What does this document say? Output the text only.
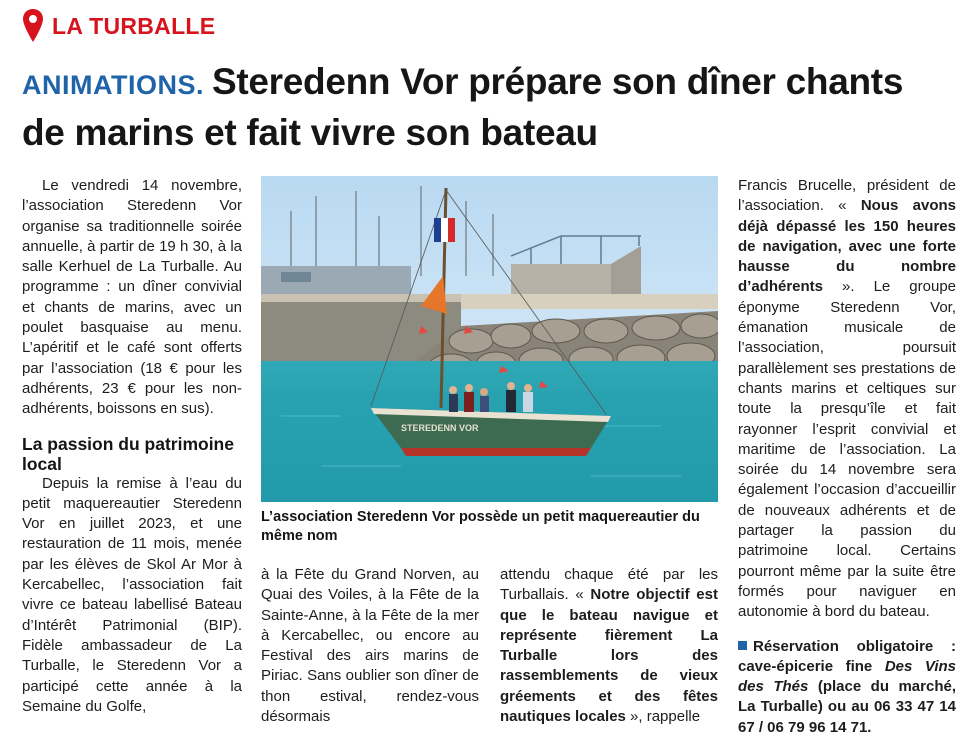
LA TURBALLE
ANIMATIONS. Steredenn Vor prépare son dîner chants de marins et fait vivre son bateau

Le vendredi 14 novembre, l’association Steredenn Vor organise sa traditionnelle soirée annuelle, à partir de 19 h 30, à la salle Kerhuel de La Turballe. Au programme : un dîner convivial et chants de marins, avec un poulet basquaise au menu. L’apéritif et le café sont offerts par l’association (18 € pour les adhérents, 23 € pour les non-adhérents, boissons en sus).

La passion du patrimoine local

Depuis la remise à l’eau du petit maquereautier Steredenn Vor en juillet 2023, et une restauration de 11 mois, menée par les élèves de Skol Ar Mor à Kercabellec, l’association fait vivre ce bateau labellisé Bateau d’Intérêt Patrimonial (BIP). Fidèle ambassadeur de La Turballe, le Steredenn Vor a participé cette année à la Semaine du Golfe,

STEREDENN VOR
L’association Steredenn Vor possède un petit maquereautier du même nom

à la Fête du Grand Norven, au Quai des Voiles, à la Fête de la Sainte-Anne, à la Fête de la mer à Kercabellec, ou encore au Festival des airs marins de Piriac. Sans oublier son dîner de thon estival, rendez-vous désormais

attendu chaque été par les Turballais. « Notre objectif est que le bateau navigue et représente fièrement La Turballe lors des rassemblements de vieux gréements et des fêtes nautiques locales », rappelle

Francis Brucelle, président de l’association. « Nous avons déjà dépassé les 150 heures de navigation, avec une forte hausse du nombre d’adhérents ». Le groupe éponyme Steredenn Vor, émanation musicale de l’association, poursuit parallèlement ses prestations de chants marins et celtiques sur toute la presqu’île et fait rayonner l’esprit convivial et maritime de l’association. La soirée du 14 novembre sera également l’occasion d’accueillir de nouveaux adhérents et de partager la passion du patrimoine local. Certains pourront même par la suite être formés pour naviguer en autonomie à bord du bateau.

Réservation obligatoire : cave-épicerie fine Des Vins des Thés (place du marché, La Turballe) ou au 06 33 47 14 67 / 06 79 96 14 71.
